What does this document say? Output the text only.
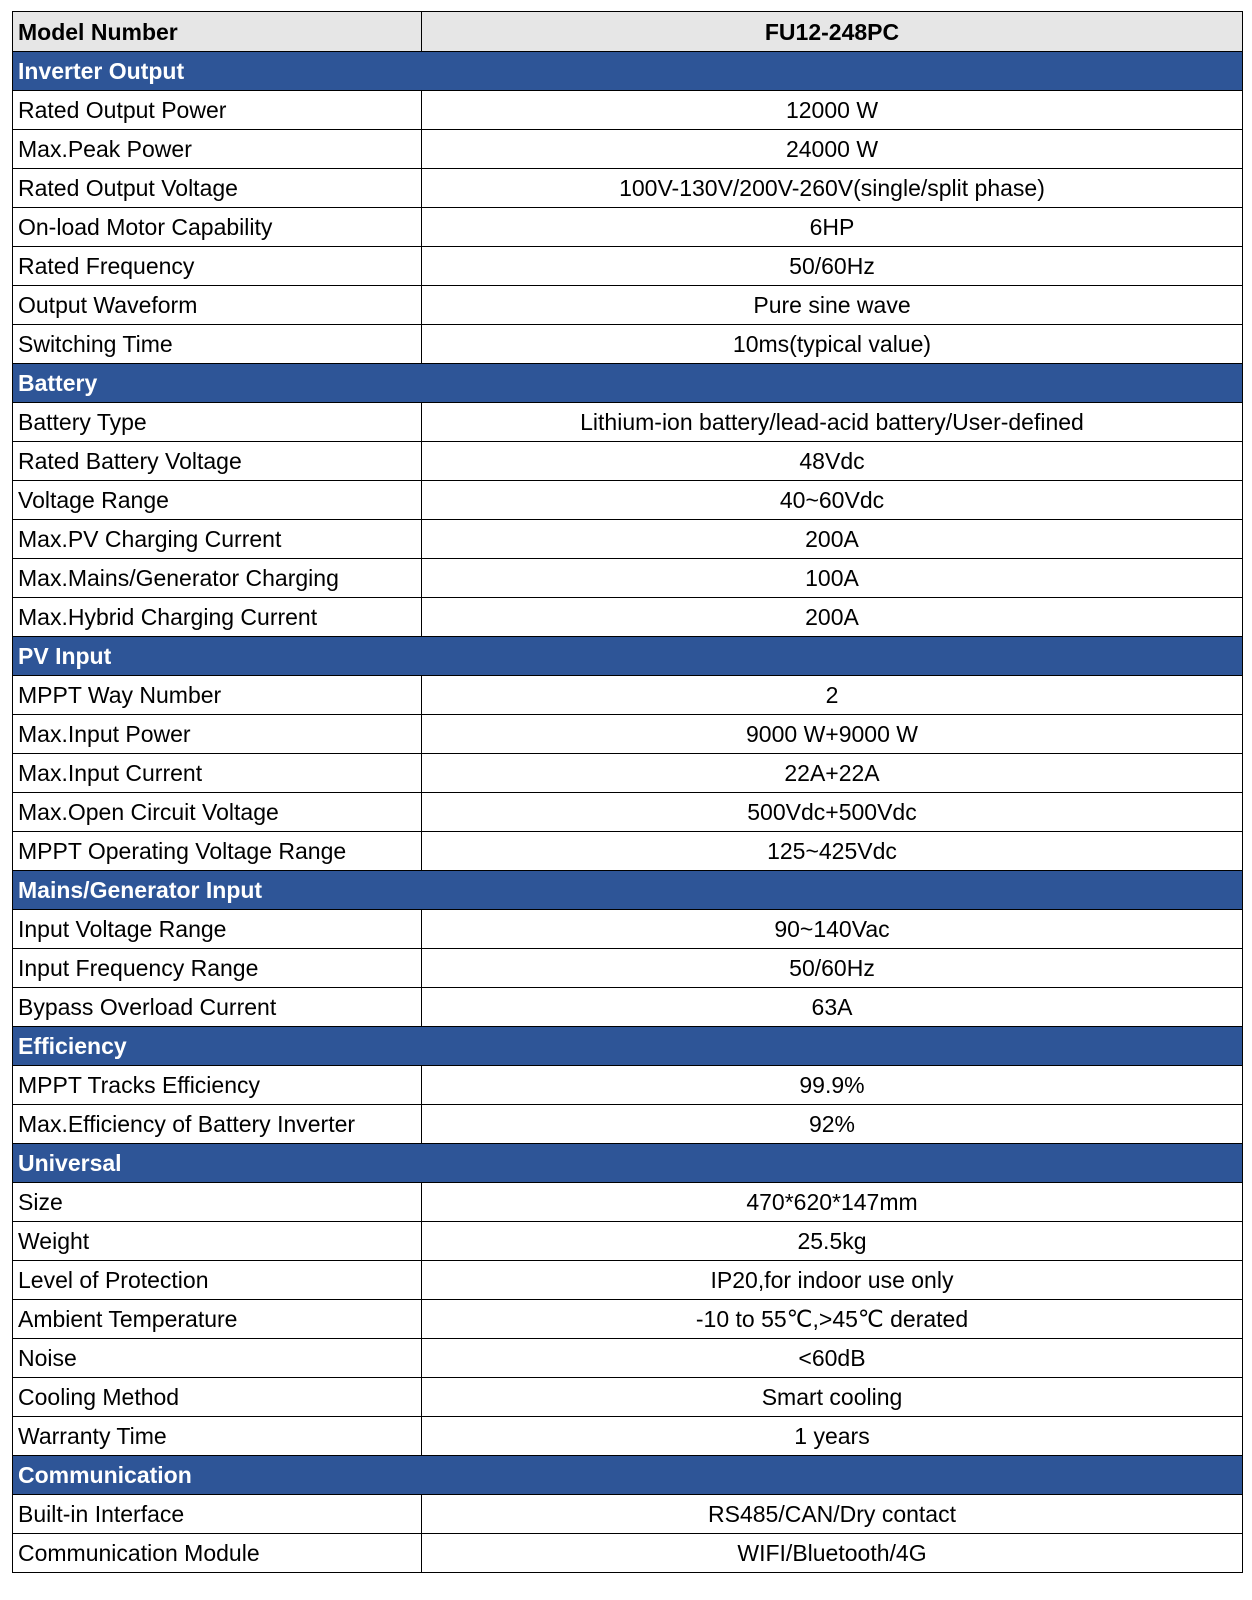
Model Number	FU12-248PC
Inverter Output	
Rated Output Power	12000 W
Max.Peak Power	24000 W
Rated Output Voltage	100V-130V/200V-260V(single/split phase)
On-load Motor Capability	6HP
Rated Frequency	50/60Hz
Output Waveform	Pure sine wave
Switching Time	10ms(typical value)
Battery	
Battery Type	Lithium-ion battery/lead-acid battery/User-defined
Rated Battery Voltage	48Vdc
Voltage Range	40~60Vdc
Max.PV Charging Current	200A
Max.Mains/Generator Charging	100A
Max.Hybrid Charging Current	200A
PV Input	
MPPT Way Number	2
Max.Input Power	9000 W+9000 W
Max.Input Current	22A+22A
Max.Open Circuit Voltage	500Vdc+500Vdc
MPPT Operating Voltage Range	125~425Vdc
Mains/Generator Input	
Input Voltage Range	90~140Vac
Input Frequency Range	50/60Hz
Bypass Overload Current	63A
Efficiency	
MPPT Tracks Efficiency	99.9%
Max.Efficiency of Battery Inverter	92%
Universal	
Size	470*620*147mm
Weight	25.5kg
Level of Protection	IP20,for indoor use only
Ambient Temperature	-10 to 55℃,>45℃ derated
Noise	<60dB
Cooling Method	Smart cooling
Warranty Time	1 years
Communication	
Built-in Interface	RS485/CAN/Dry contact
Communication Module	WIFI/Bluetooth/4G
